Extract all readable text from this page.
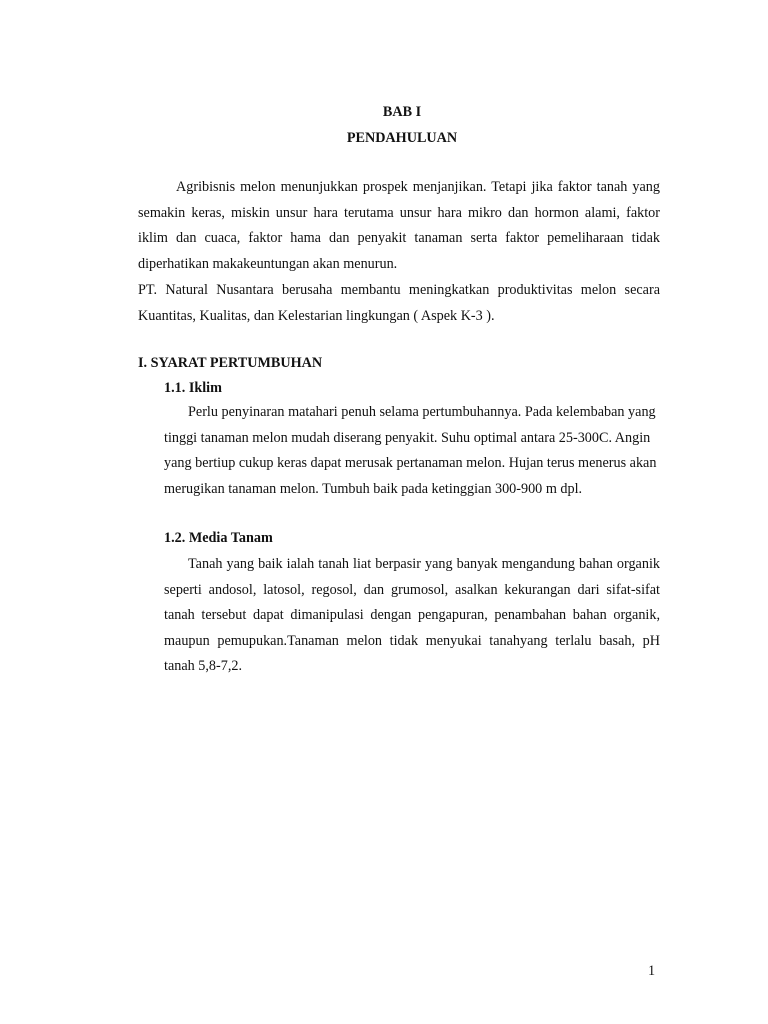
BAB I

PENDAHULUAN

Agribisnis melon menunjukkan prospek menjanjikan. Tetapi jika faktor tanah yang semakin keras, miskin unsur hara terutama unsur hara mikro dan hormon alami, faktor iklim dan cuaca, faktor hama dan penyakit tanaman serta faktor pemeliharaan tidak diperhatikan makakeuntungan akan menurun.

PT. Natural Nusantara berusaha membantu meningkatkan produktivitas melon secara Kuantitas, Kualitas, dan Kelestarian lingkungan ( Aspek K-3 ).

I. SYARAT PERTUMBUHAN

1.1. Iklim

Perlu penyinaran matahari penuh selama pertumbuhannya. Pada kelembaban yang tinggi tanaman melon mudah diserang penyakit. Suhu optimal antara 25-300C. Angin yang bertiup cukup keras dapat merusak pertanaman melon. Hujan terus menerus akan merugikan tanaman melon. Tumbuh baik pada ketinggian 300-900 m dpl.

1.2. Media Tanam

Tanah yang baik ialah tanah liat berpasir yang banyak mengandung bahan organik seperti andosol, latosol, regosol, dan grumosol, asalkan kekurangan dari sifat-sifat tanah tersebut dapat dimanipulasi dengan pengapuran, penambahan bahan organik, maupun pemupukan.Tanaman melon tidak menyukai tanahyang terlalu basah, pH tanah 5,8-7,2.

1
